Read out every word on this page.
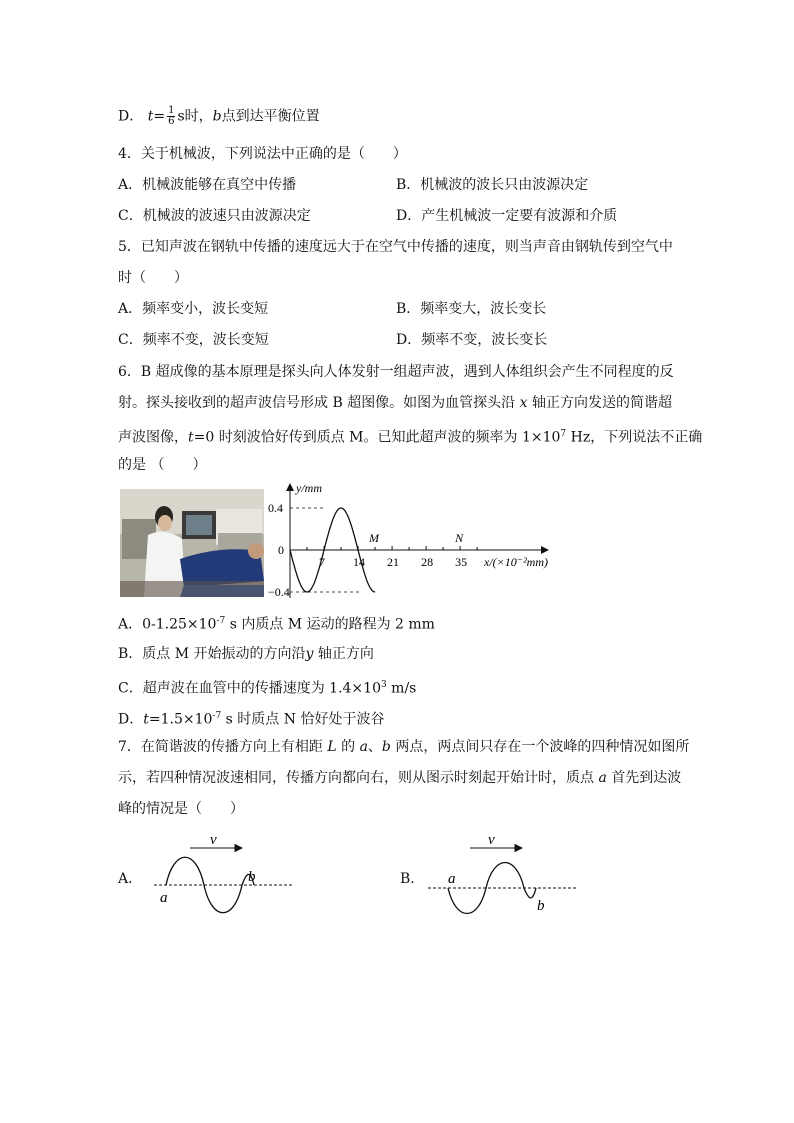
D． $t= \frac{1}{6}$ s时，b点到达平衡位置
4．关于机械波，下列说法中正确的是（　　）
A．机械波能够在真空中传播	B．机械波的波长只由波源决定
C．机械波的波速只由波源决定	D．产生机械波一定要有波源和介质
5．已知声波在钢轨中传播的速度远大于在空气中传播的速度，则当声音由钢轨传到空气中
时（　　）
A．频率变小，波长变短	B．频率变大，波长变长
C．频率不变，波长变短	D．频率不变，波长变长
6．B 超成像的基本原理是探头向人体发射一组超声波，遇到人体组织会产生不同程度的反
射。探头接收到的超声波信号形成 B 超图像。如图为血管探头沿 x 轴正方向发送的简谐超
声波图像，t=0 时刻波恰好传到质点 M。已知此超声波的频率为 $1\times 10^7$ Hz，下列说法不正确
的是 （　　）
7 14 21 28 35
y/mm
0.4
−0.4
0
x/(×10⁻²mm)
M	N
A．$0-1.25\times 10^{-7}$ s 内质点 M 运动的路程为 2 mm
B．质点 M 开始振动的方向沿y 轴正方向
C．超声波在血管中的传播速度为 $1.4\times 10^3$ m/s
D．$t=1.5\times 10^{-7}$ s 时质点 N 恰好处于波谷
7．在简谐波的传播方向上有相距 L 的 a、b 两点，两点间只存在一个波峰的四种情况如图所
示，若四种情况波速相同，传播方向都向右，则从图示时刻起开始计时，质点 a 首先到达波
峰的情况是（　　）
A．
v
a
b	B．
v
a
b
